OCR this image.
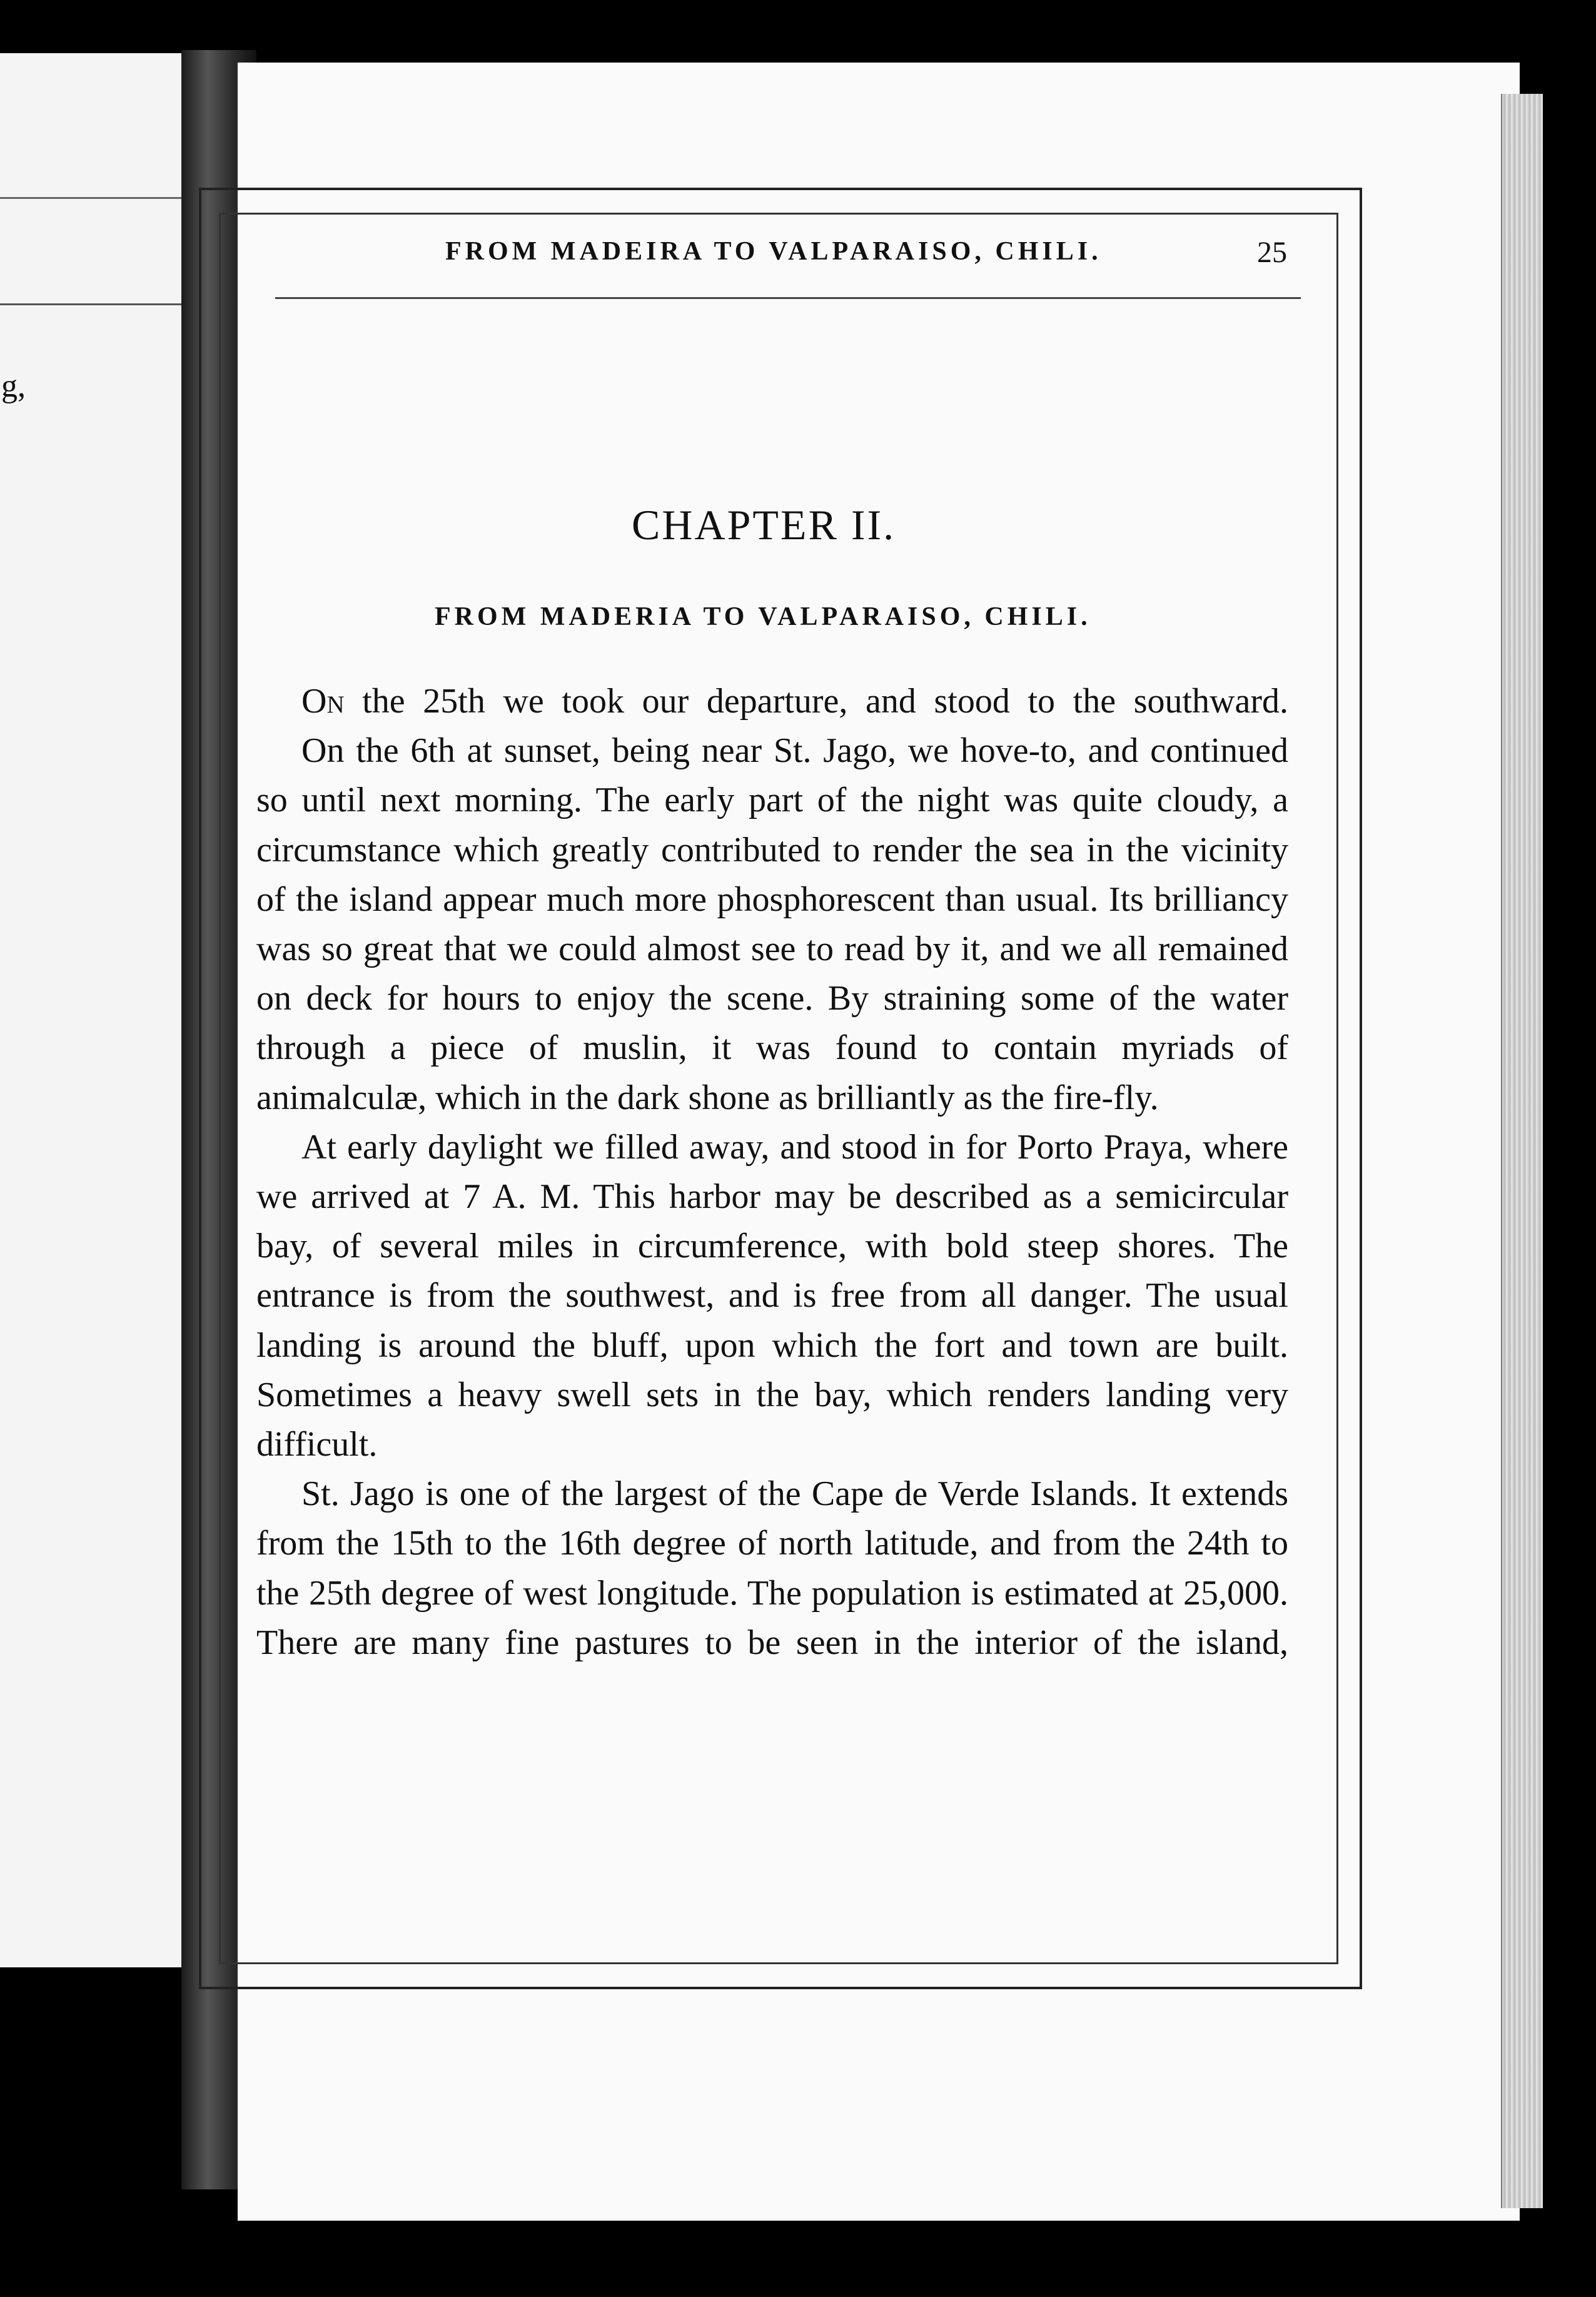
g,
FROM MADEIRA TO VALPARAISO, CHILI.	25
CHAPTER II.
FROM MADERIA TO VALPARAISO, CHILI.

On the 25th we took our departure, and stood to the southward.

On the 6th at sunset, being near St. Jago, we hove-to, and continued so until next morning. The early part of the night was quite cloudy, a circumstance which greatly contributed to render the sea in the vicinity of the island appear much more phosphorescent than usual. Its brilliancy was so great that we could almost see to read by it, and we all remained on deck for hours to enjoy the scene. By straining some of the water through a piece of muslin, it was found to contain myriads of animalculæ, which in the dark shone as brilliantly as the fire-fly.

At early daylight we filled away, and stood in for Porto Praya, where we arrived at 7 A. M. This harbor may be described as a semicircular bay, of several miles in circumference, with bold steep shores. The entrance is from the southwest, and is free from all danger. The usual landing is around the bluff, upon which the fort and town are built. Sometimes a heavy swell sets in the bay, which renders landing very difficult.

St. Jago is one of the largest of the Cape de Verde Islands. It extends from the 15th to the 16th degree of north latitude, and from the 24th to the 25th degree of west longitude. The population is estimated at 25,000. There are many fine pastures to be seen in the interior of the island,
